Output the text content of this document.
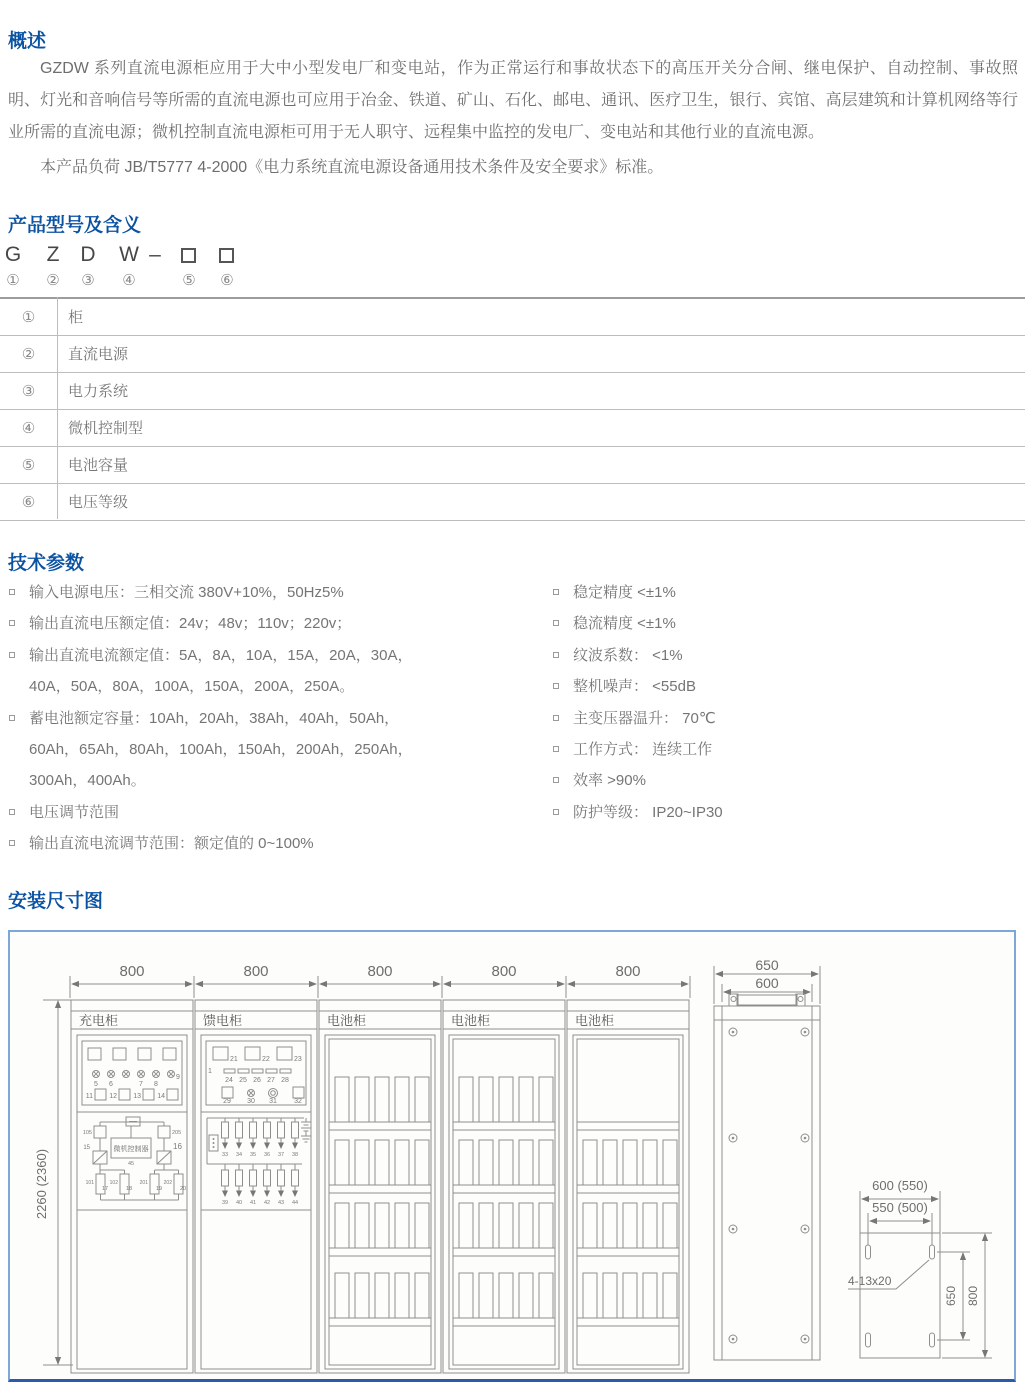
概述

GZDW 系列直流电源柜应用于大中小型发电厂和变电站，作为正常运行和事故状态下的高压开关分合闸、继电保护、自动控制、事故照明、灯光和音响信号等所需的直流电源也可应用于冶金、铁道、矿山、石化、邮电、通讯、医疗卫生，银行、宾馆、高层建筑和计算机网络等行业所需的直流电源；微机控制直流电源柜可用于无人职守、远程集中监控的发电厂、变电站和其他行业的直流电源。

本产品负荷 JB/T5777 4-2000《电力系统直流电源设备通用技术条件及安全要求》标准。

产品型号及含义
G Z D W –
① ② ③ ④	⑤ ⑥
①	柜
②	直流电源
③	电力系统
④	微机控制型
⑤	电池容量
⑥	电压等级
技术参数
输入电源电压：三相交流 380V+10%，50Hz5%
输出直流电压额定值：24v；48v；110v；220v；
输出直流电流额定值：5A，8A，10A，15A，20A，30A，
40A，50A，80A，100A，150A，200A，250A。
蓄电池额定容量：10Ah，20Ah，38Ah，40Ah，50Ah，
60Ah，65Ah，80Ah，100Ah，150Ah，200Ah，250Ah，
300Ah，400Ah。
电压调节范围
输出直流电流调节范围：额定值的 0~100%
稳定精度 <±1%
稳流精度 <±1%
纹波系数： <1%
整机噪声： <55dB
主变压器温升： 70℃
工作方式： 连续工作
效率 >90%
防护等级： IP20~IP30
安装尺寸图
800	800	800	800	800
2260 (2360)
充电柜
5 6	7 8
9
11 12 13 14
105	205
15	16
微机控制器
45
101	102	201	202
17	18	19	20
馈电柜
21	22	23
1
24 25 26 27 28
29 30 31 32
33 34 35 36 37 38
39 40 41 42 43 44
电池柜	电池柜	电池柜
650
600
600 (550)
550 (500)
4-13x20
650 800
